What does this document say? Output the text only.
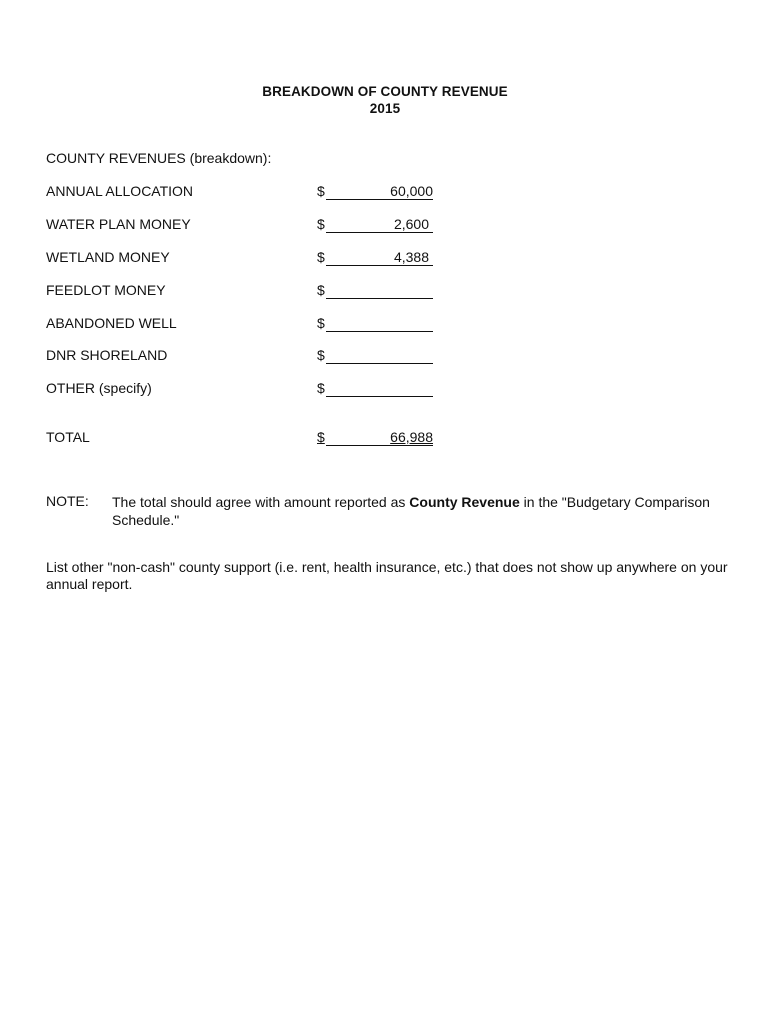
BREAKDOWN OF COUNTY REVENUE
2015
COUNTY REVENUES (breakdown):
ANNUAL ALLOCATION	$	60,000
WATER PLAN MONEY	$	2,600
WETLAND MONEY	$	4,388
FEEDLOT MONEY	$
ABANDONED WELL	$
DNR SHORELAND	$
OTHER (specify)	$
TOTAL	$	66,988
NOTE: The total should agree with amount reported as County Revenue in the "Budgetary Comparison Schedule."
List other "non-cash" county support (i.e. rent, health insurance, etc.) that does not show up anywhere on your annual report.
